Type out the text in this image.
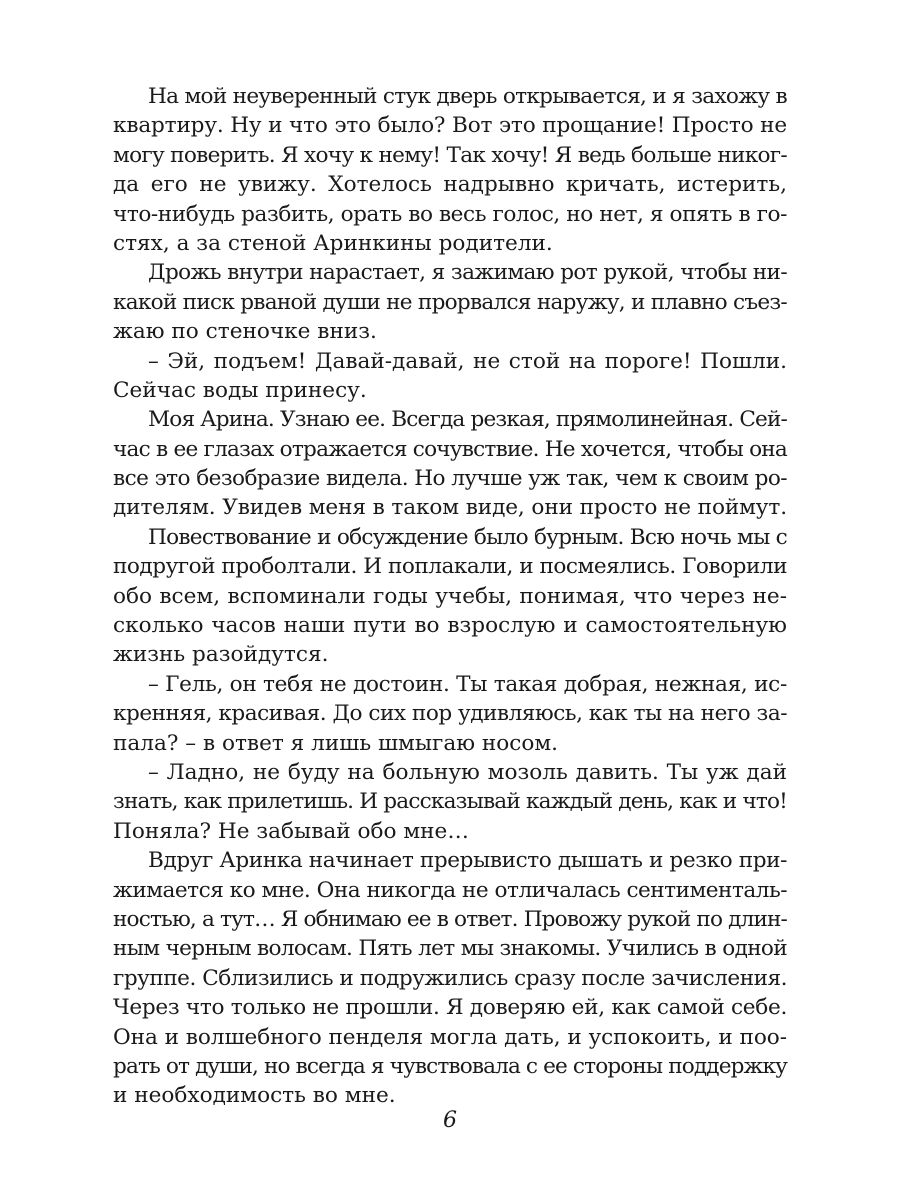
На мой неуверенный стук дверь открывается, и я захожу в
квартиру. Ну и что это было? Вот это прощание! Просто не
могу поверить. Я хочу к нему! Так хочу! Я ведь больше никог-
да его не увижу. Хотелось надрывно кричать, истерить,
что-нибудь разбить, орать во весь голос, но нет, я опять в го-
стях, а за стеной Аринкины родители.

Дрожь внутри нарастает, я зажимаю рот рукой, чтобы ни-
какой писк рваной души не прорвался наружу, и плавно съез-
жаю по стеночке вниз.

– Эй, подъем! Давай-давай, не стой на пороге! Пошли.
Сейчас воды принесу.

Моя Арина. Узнаю ее. Всегда резкая, прямолинейная. Сей-
час в ее глазах отражается сочувствие. Не хочется, чтобы она
все это безобразие видела. Но лучше уж так, чем к своим ро-
дителям. Увидев меня в таком виде, они просто не поймут.

Повествование и обсуждение было бурным. Всю ночь мы с
подругой проболтали. И поплакали, и посмеялись. Говорили
обо всем, вспоминали годы учебы, понимая, что через не-
сколько часов наши пути во взрослую и самостоятельную
жизнь разойдутся.

– Гель, он тебя не достоин. Ты такая добрая, нежная, ис-
кренняя, красивая. До сих пор удивляюсь, как ты на него за-
пала? – в ответ я лишь шмыгаю носом.

– Ладно, не буду на больную мозоль давить. Ты уж дай
знать, как прилетишь. И рассказывай каждый день, как и что!
Поняла? Не забывай обо мне…

Вдруг Аринка начинает прерывисто дышать и резко при-
жимается ко мне. Она никогда не отличалась сентименталь-
ностью, а тут… Я обнимаю ее в ответ. Провожу рукой по длин-
ным черным волосам. Пять лет мы знакомы. Учились в одной
группе. Сблизились и подружились сразу после зачисления.
Через что только не прошли. Я доверяю ей, как самой себе.
Она и волшебного пенделя могла дать, и успокоить, и поо-
рать от души, но всегда я чувствовала с ее стороны поддержку
и необходимость во мне.

6
